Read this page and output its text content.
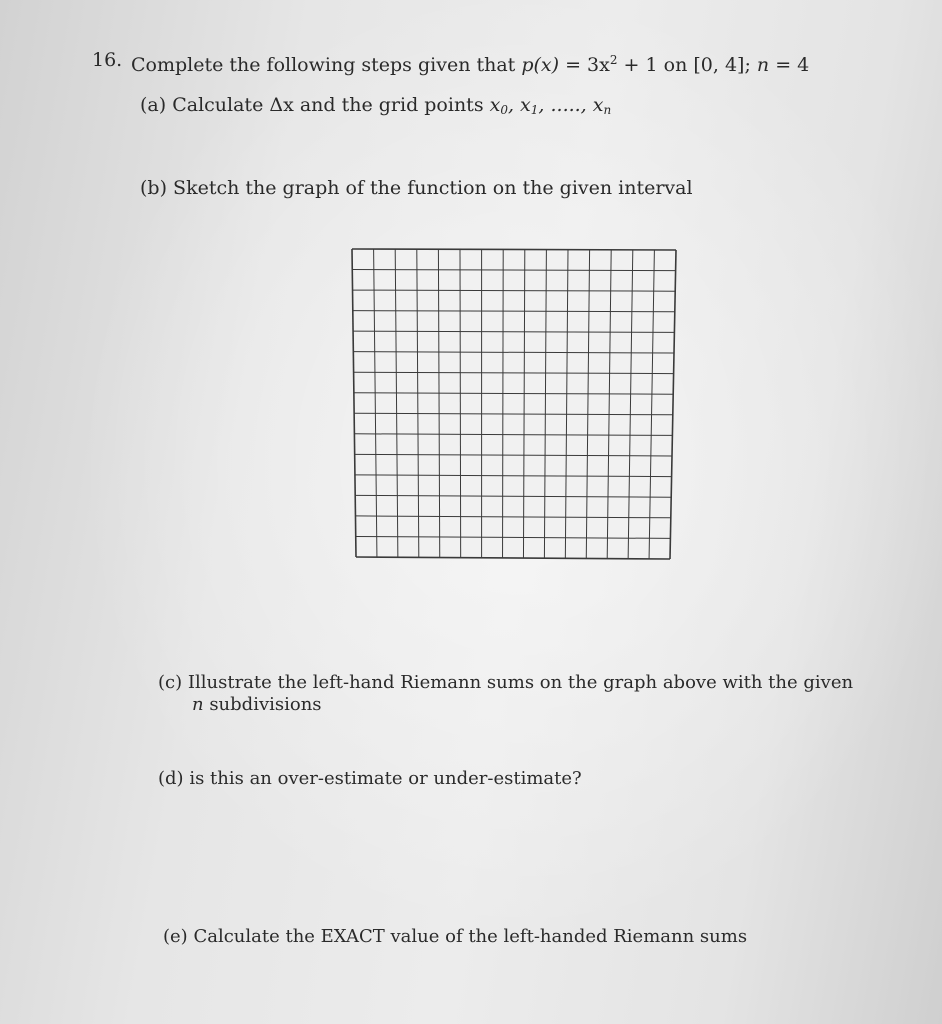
16. Complete the following steps given that $p(x) = 3x^2 + 1$ on [0, 4]; n = 4
(a) Calculate Δx and the grid points $x_0$, $x_1$, ....., $x_n$
(b) Sketch the graph of the function on the given interval
(c) Illustrate the left-hand Riemann sums on the graph above with the given
n subdivisions
(d) is this an over-estimate or under-estimate?
(e) Calculate the EXACT value of the left-handed Riemann sums
